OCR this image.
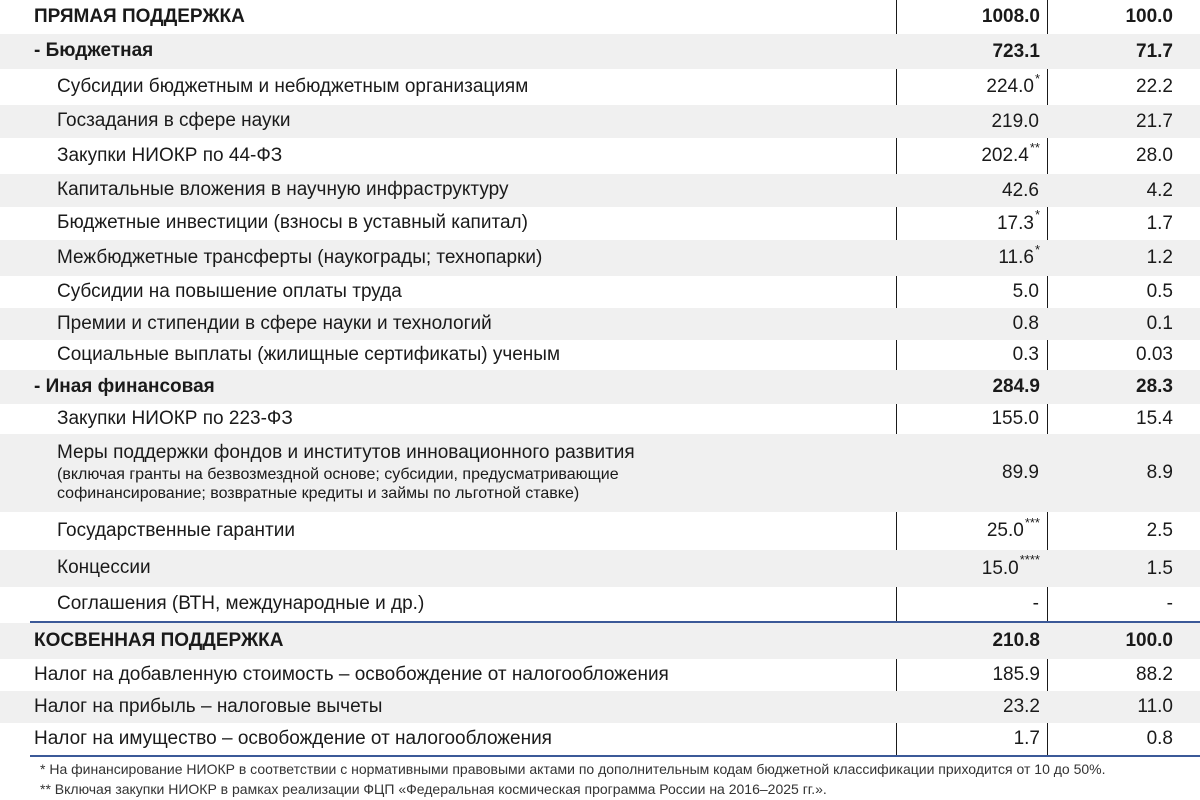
ПРЯМАЯ ПОДДЕРЖКА	1008.0	100.0
- Бюджетная	723.1	71.7
Субсидии бюджетным и небюджетным организациям	224.0 *	22.2
Госзадания в сфере науки	219.0	21.7
Закупки НИОКР по 44-ФЗ	202.4 **	28.0
Капитальные вложения в научную инфраструктуру	42.6	4.2
Бюджетные инвестиции (взносы в уставный капитал)	17.3 *	1.7
Межбюджетные трансферты (наукограды; технопарки)	11.6 *	1.2
Субсидии на повышение оплаты труда	5.0	0.5
Премии и стипендии в сфере науки и технологий	0.8	0.1
Социальные выплаты (жилищные сертификаты) ученым	0.3	0.03
- Иная финансовая	284.9	28.3
Закупки НИОКР по 223-ФЗ	155.0	15.4
Меры поддержки фондов и институтов инновационного развития
(включая гранты на безвозмездной основе; субсидии, предусматривающие
софинансирование; возвратные кредиты и займы по льготной ставке)
89.9	8.9
Государственные гарантии	25.0 ***	2.5
Концессии	15.0 ****	1.5
Соглашения (ВТН, международные и др.)	-	-
КОСВЕННАЯ ПОДДЕРЖКА	210.8	100.0
Налог на добавленную стоимость – освобождение от налогообложения	185.9	88.2
Налог на прибыль – налоговые вычеты	23.2	11.0
Налог на имущество – освобождение от налогообложения	1.7	0.8
* На финансирование НИОКР в соответствии с нормативными правовыми актами по дополнительным кодам бюджетной классификации приходится от 10 до 50%.
** Включая закупки НИОКР в рамках реализации ФЦП «Федеральная космическая программа России на 2016–2025 гг.».
